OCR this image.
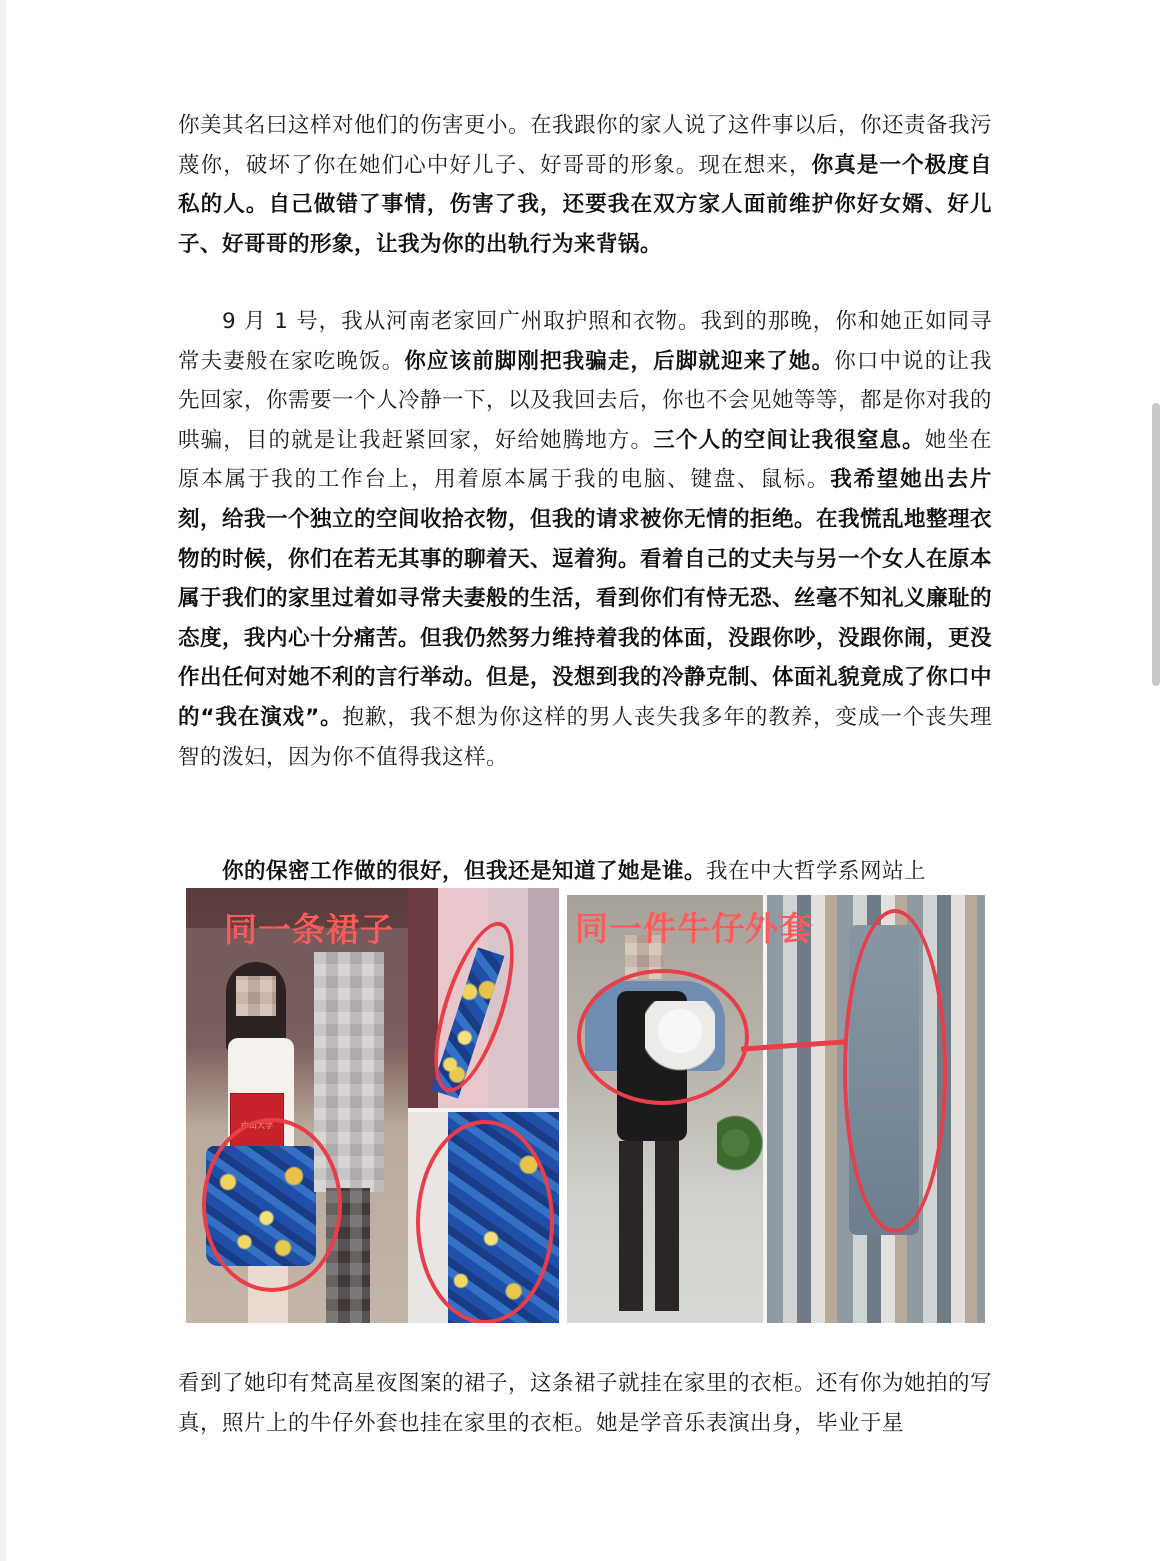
你美其名曰这样对他们的伤害更小。在我跟你的家人说了这件事以后，你还责备我污蔑你，破坏了你在她们心中好儿子、好哥哥的形象。现在想来，你真是一个极度自私的人。自己做错了事情，伤害了我，还要我在双方家人面前维护你好女婿、好儿子、好哥哥的形象，让我为你的出轨行为来背锅。

9 月 1 号，我从河南老家回广州取护照和衣物。我到的那晚，你和她正如同寻常夫妻般在家吃晚饭。你应该前脚刚把我骗走，后脚就迎来了她。你口中说的让我先回家，你需要一个人冷静一下，以及我回去后，你也不会见她等等，都是你对我的哄骗，目的就是让我赶紧回家，好给她腾地方。三个人的空间让我很窒息。她坐在原本属于我的工作台上，用着原本属于我的电脑、键盘、鼠标。我希望她出去片刻，给我一个独立的空间收拾衣物，但我的请求被你无情的拒绝。在我慌乱地整理衣物的时候，你们在若无其事的聊着天、逗着狗。看着自己的丈夫与另一个女人在原本属于我们的家里过着如寻常夫妻般的生活，看到你们有恃无恐、丝毫不知礼义廉耻的态度，我内心十分痛苦。但我仍然努力维持着我的体面，没跟你吵，没跟你闹，更没作出任何对她不利的言行举动。但是，没想到我的冷静克制、体面礼貌竟成了你口中的“我在演戏”。抱歉，我不想为你这样的男人丧失我多年的教养，变成一个丧失理智的泼妇，因为你不值得我这样。

你的保密工作做的很好，但我还是知道了她是谁。我在中大哲学系网站上

中山大学
同一条裙子	同一件牛仔外套

看到了她印有梵高星夜图案的裙子，这条裙子就挂在家里的衣柜。还有你为她拍的写真，照片上的牛仔外套也挂在家里的衣柜。她是学音乐表演出身，毕业于星
